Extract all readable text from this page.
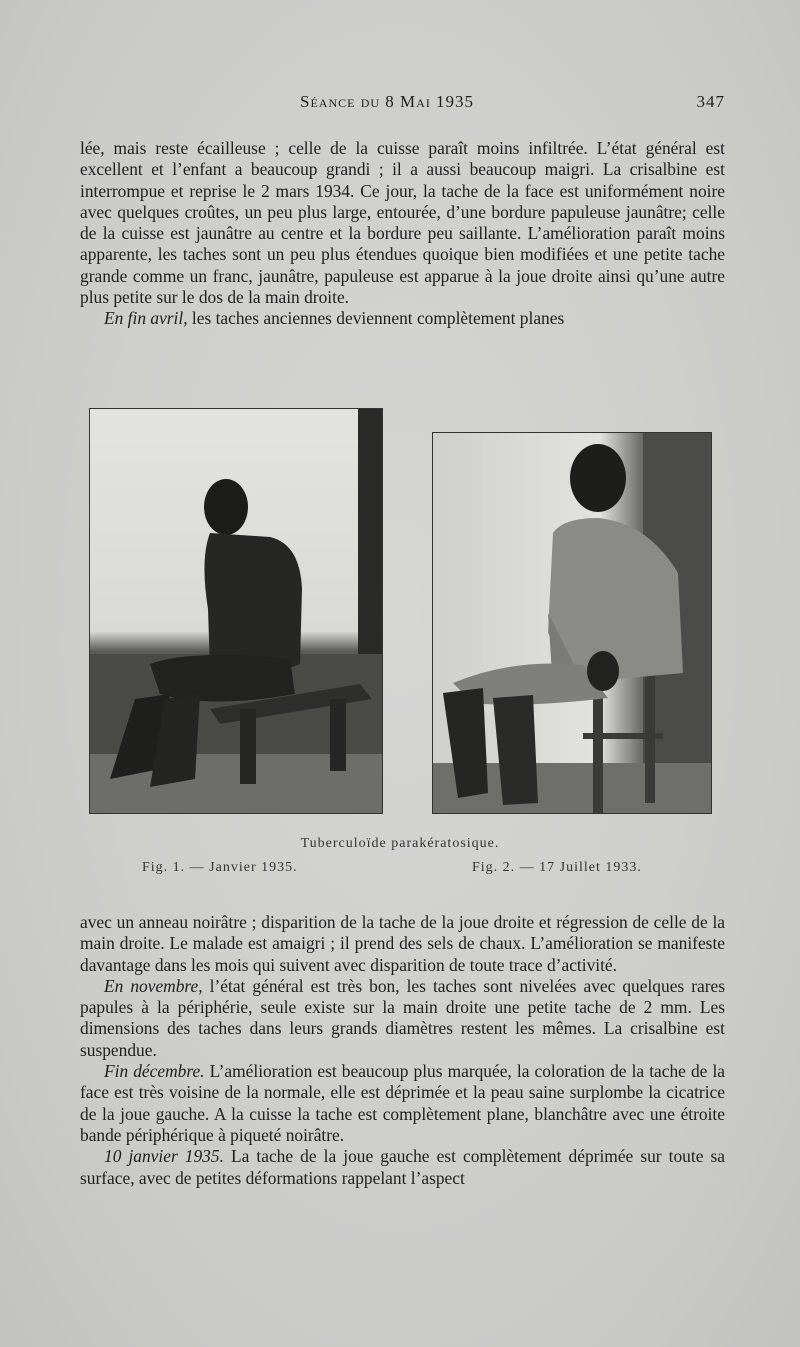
Séance du 8 Mai 1935	347

lée, mais reste écailleuse ; celle de la cuisse paraît moins infiltrée. L’état général est excellent et l’enfant a beaucoup grandi ; il a aussi beaucoup maigri. La crisalbine est interrompue et reprise le 2 mars 1934. Ce jour, la tache de la face est uniformément noire avec quelques croûtes, un peu plus large, entourée, d’une bordure papuleuse jaunâtre; celle de la cuisse est jaunâtre au centre et la bordure peu saillante. L’amélioration paraît moins apparente, les taches sont un peu plus étendues quoique bien modifiées et une petite tache grande comme un franc, jaunâtre, papuleuse est apparue à la joue droite ainsi qu’une autre plus petite sur le dos de la main droite.

En fin avril, les taches anciennes deviennent complètement planes

Tuberculoïde parakératosique.
Fig. 1. — Janvier 1935.	Fig. 2. — 17 Juillet 1933.

avec un anneau noirâtre ; disparition de la tache de la joue droite et régression de celle de la main droite. Le malade est amaigri ; il prend des sels de chaux. L’amélioration se manifeste davantage dans les mois qui suivent avec disparition de toute trace d’activité.

En novembre, l’état général est très bon, les taches sont nivelées avec quelques rares papules à la périphérie, seule existe sur la main droite une petite tache de 2 mm. Les dimensions des taches dans leurs grands diamètres restent les mêmes. La crisalbine est suspendue.

Fin décembre. L’amélioration est beaucoup plus marquée, la coloration de la tache de la face est très voisine de la normale, elle est déprimée et la peau saine surplombe la cicatrice de la joue gauche. A la cuisse la tache est complètement plane, blanchâtre avec une étroite bande périphérique à piqueté noirâtre.

10 janvier 1935. La tache de la joue gauche est complètement déprimée sur toute sa surface, avec de petites déformations rappelant l’aspect
